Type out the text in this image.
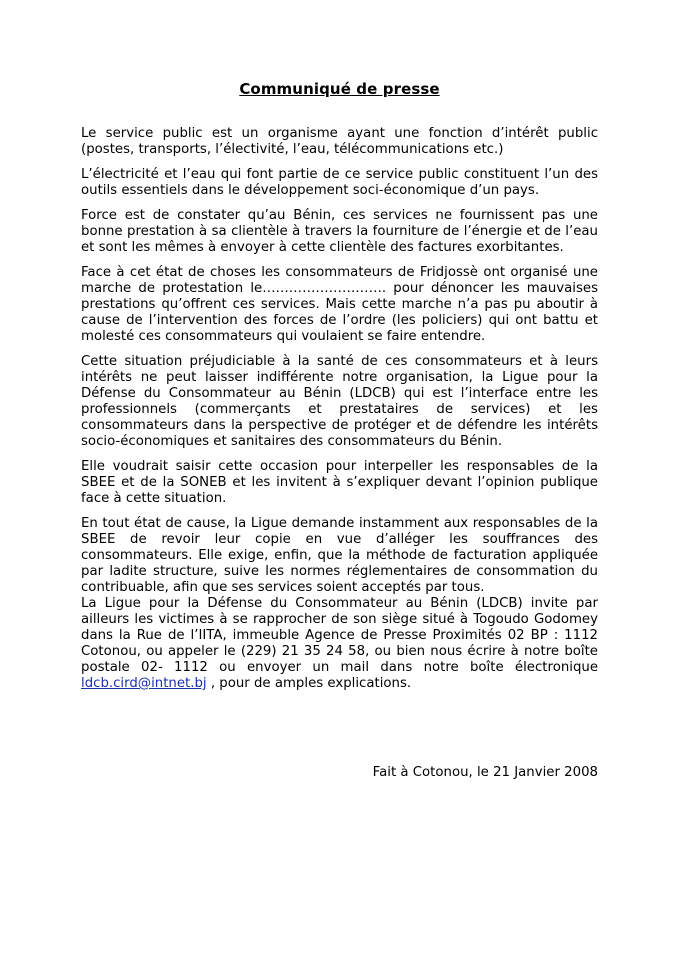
Communiqué de presse

Le service public est un organisme ayant une fonction d’intérêt public (postes, transports, l’électivité, l’eau, télécommunications etc.)

L’électricité et l’eau qui font partie de ce service public constituent l’un des outils essentiels dans le développement soci-économique d’un pays.

Force est de constater qu’au Bénin, ces services ne fournissent pas une bonne prestation à sa clientèle à travers la fourniture de l’énergie et de l’eau et sont les mêmes à envoyer à cette clientèle des factures exorbitantes.

Face à cet état de choses les consommateurs de Fridjossè ont organisé une marche de protestation le………………………. pour dénoncer les mauvaises prestations qu’offrent ces services. Mais cette marche n’a pas pu aboutir à cause de l’intervention des forces de l’ordre (les policiers) qui ont battu et molesté ces consommateurs qui voulaient se faire entendre.

Cette situation préjudiciable à la santé de ces consommateurs et à leurs intérêts ne peut laisser indifférente notre organisation, la Ligue pour la Défense du Consommateur au Bénin (LDCB) qui est l’interface entre les professionnels (commerçants et prestataires de services) et les consommateurs dans la perspective de protéger et de défendre les intérêts socio-économiques et sanitaires des consommateurs du Bénin.

Elle voudrait saisir cette occasion pour interpeller les responsables de la SBEE et de la SONEB et les invitent à s’expliquer devant l’opinion publique face à cette situation.

En tout état de cause, la Ligue demande instamment aux responsables de la SBEE de revoir leur copie en vue d’alléger les souffrances des consommateurs. Elle exige, enfin, que la méthode de facturation appliquée par ladite structure, suive les normes réglementaires de consommation du contribuable, afin que ses services soient acceptés par tous.

La Ligue pour la Défense du Consommateur au Bénin (LDCB) invite par ailleurs les victimes à se rapprocher de son siège situé à Togoudo Godomey dans la Rue de l’IITA, immeuble Agence de Presse Proximités 02 BP : 1112 Cotonou, ou appeler le (229) 21 35 24 58, ou bien nous écrire à notre boîte postale 02- 1112 ou envoyer un mail dans notre boîte électronique ldcb.cird@intnet.bj , pour de amples explications.

Fait à Cotonou, le 21 Janvier 2008
